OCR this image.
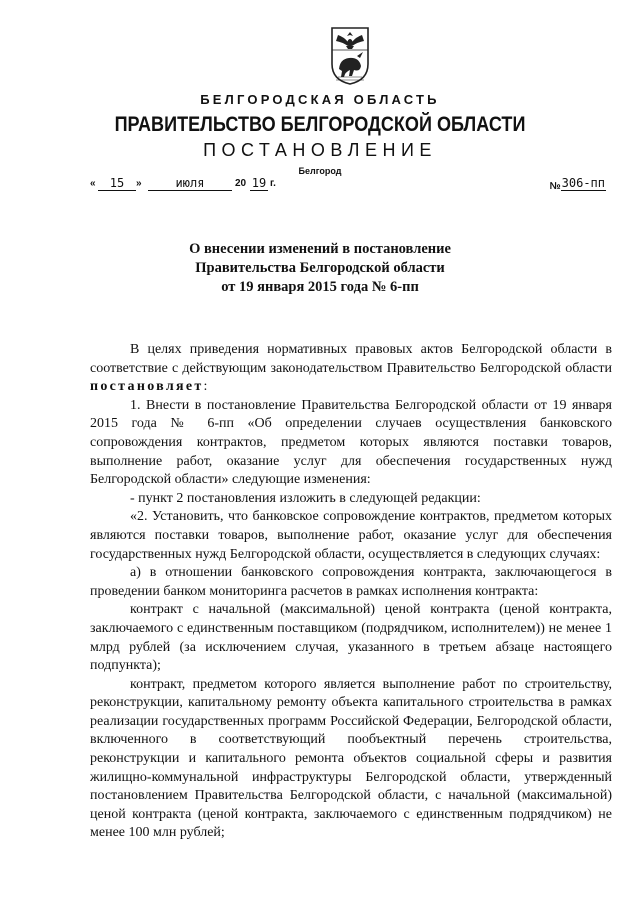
БЕЛГОРОДСКАЯ ОБЛАСТЬ
ПРАВИТЕЛЬСТВО БЕЛГОРОДСКОЙ ОБЛАСТИ
ПОСТАНОВЛЕНИЕ
Белгород
«	15	»	июля	20 19 г.	№306-пп
О внесении изменений в постановление
Правительства Белгородской области
от 19 января 2015 года № 6-пп

В целях приведения нормативных правовых актов Белгородской области в соответствие с действующим законодательством Правительство Белгородской области постановляет:

1. Внести в постановление Правительства Белгородской области от 19 января 2015 года № 6-пп «Об определении случаев осуществления банковского сопровождения контрактов, предметом которых являются поставки товаров, выполнение работ, оказание услуг для обеспечения государственных нужд Белгородской области» следующие изменения:

- пункт 2 постановления изложить в следующей редакции:

«2. Установить, что банковское сопровождение контрактов, предметом которых являются поставки товаров, выполнение работ, оказание услуг для обеспечения государственных нужд Белгородской области, осуществляется в следующих случаях:

а) в отношении банковского сопровождения контракта, заключающегося в проведении банком мониторинга расчетов в рамках исполнения контракта:

контракт с начальной (максимальной) ценой контракта (ценой контракта, заключаемого с единственным поставщиком (подрядчиком, исполнителем)) не менее 1 млрд рублей (за исключением случая, указанного в третьем абзаце настоящего подпункта);

контракт, предметом которого является выполнение работ по строительству, реконструкции, капитальному ремонту объекта капитального строительства в рамках реализации государственных программ Российской Федерации, Белгородской области, включенного в соответствующий пообъектный перечень строительства, реконструкции и капитального ремонта объектов социальной сферы и развития жилищно-коммунальной инфраструктуры Белгородской области, утвержденный постановлением Правительства Белгородской области, с начальной (максимальной) ценой контракта (ценой контракта, заключаемого с единственным подрядчиком) не менее 100 млн рублей;
